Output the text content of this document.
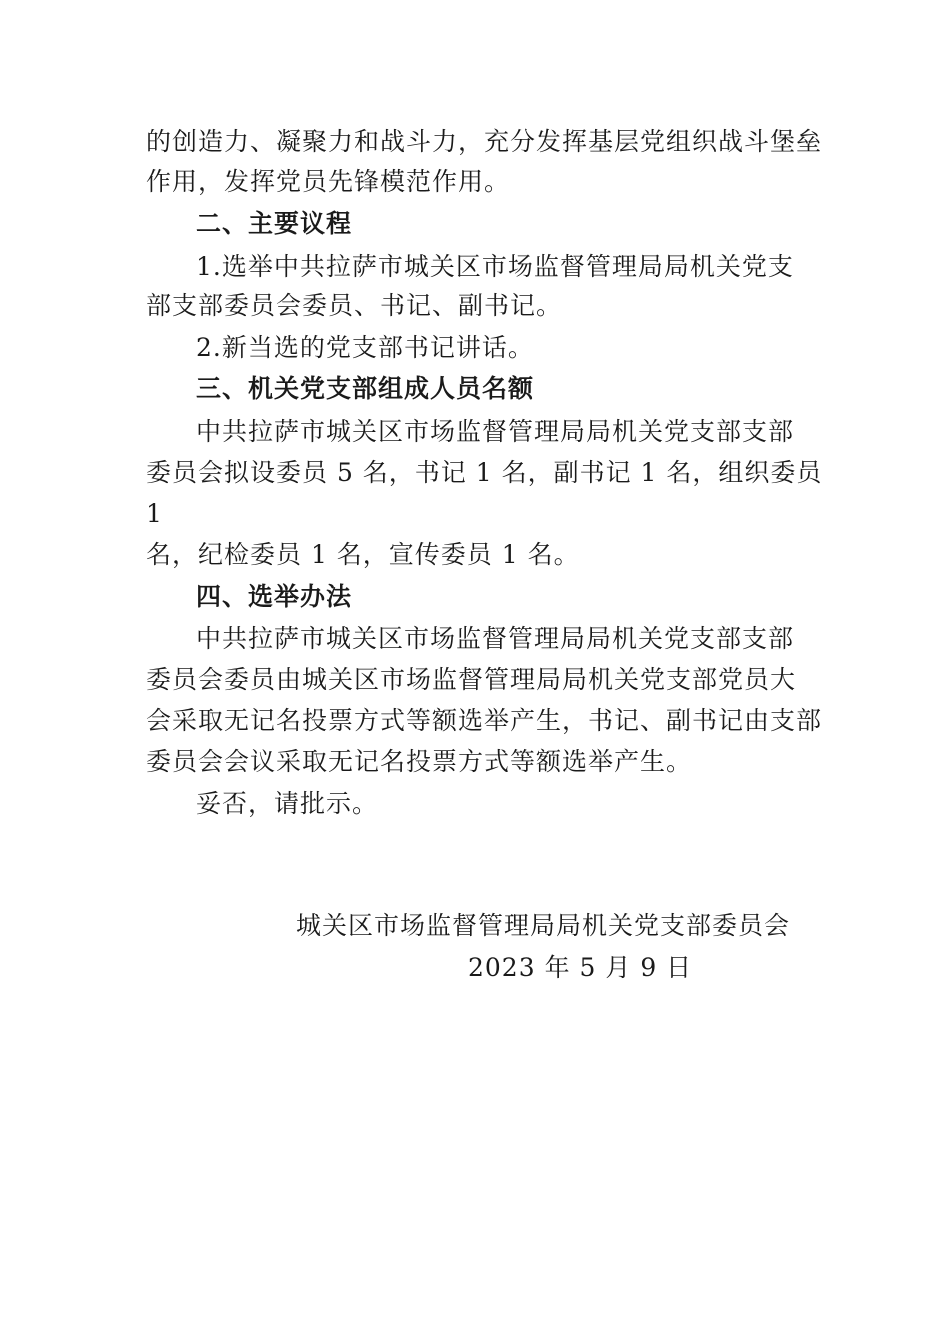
的创造力、凝聚力和战斗力，充分发挥基层党组织战斗堡垒
作用，发挥党员先锋模范作用。
二、主要议程
1.选举中共拉萨市城关区市场监督管理局局机关党支
部支部委员会委员、书记、副书记。
2.新当选的党支部书记讲话。
三、机关党支部组成人员名额
中共拉萨市城关区市场监督管理局局机关党支部支部
委员会拟设委员 5 名，书记 1 名，副书记 1 名，组织委员
1
名，纪检委员 1 名，宣传委员 1 名。
四、选举办法
中共拉萨市城关区市场监督管理局局机关党支部支部
委员会委员由城关区市场监督管理局局机关党支部党员大
会采取无记名投票方式等额选举产生，书记、副书记由支部
委员会会议采取无记名投票方式等额选举产生。
妥否，请批示。
城关区市场监督管理局局机关党支部委员会
2023 年 5 月 9 日
